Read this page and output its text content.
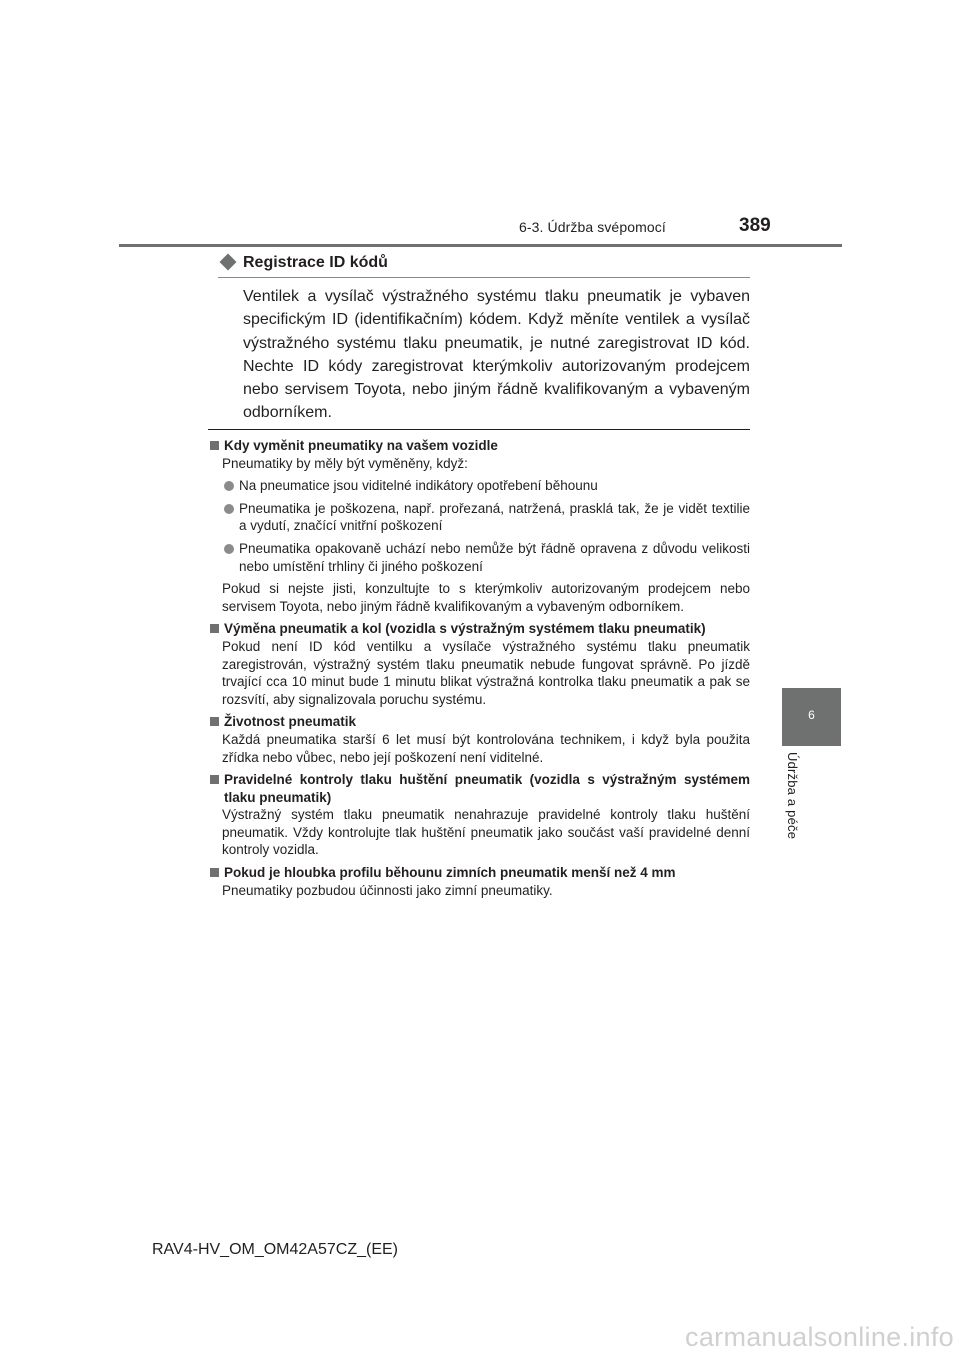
6-3. Údržba svépomocí	389
6
Údržba a péče
Registrace ID kódů
Ventilek a vysílač výstražného systému tlaku pneumatik je vybaven specifickým ID (identifikačním) kódem. Když měníte ventilek a vysílač výstražného systému tlaku pneumatik, je nutné zaregistrovat ID kód. Nechte ID kódy zaregistrovat kterýmkoliv autorizovaným prodejcem nebo servisem Toyota, nebo jiným řádně kvalifikovaným a vybaveným odborníkem.
Kdy vyměnit pneumatiky na vašem vozidle
Pneumatiky by měly být vyměněny, když:
Na pneumatice jsou viditelné indikátory opotřebení běhounu
Pneumatika je poškozena, např. prořezaná, natržená, prasklá tak, že je vidět textilie a vydutí, značící vnitřní poškození
Pneumatika opakovaně uchází nebo nemůže být řádně opravena z důvodu velikosti nebo umístění trhliny či jiného poškození
Pokud si nejste jisti, konzultujte to s kterýmkoliv autorizovaným prodejcem nebo servisem Toyota, nebo jiným řádně kvalifikovaným a vybaveným odborníkem.
Výměna pneumatik a kol (vozidla s výstražným systémem tlaku pneumatik)
Pokud není ID kód ventilku a vysílače výstražného systému tlaku pneumatik zaregistrován, výstražný systém tlaku pneumatik nebude fungovat správně. Po jízdě trvající cca 10 minut bude 1 minutu blikat výstražná kontrolka tlaku pneumatik a pak se rozsvítí, aby signalizovala poruchu systému.
Životnost pneumatik
Každá pneumatika starší 6 let musí být kontrolována technikem, i když byla použita zřídka nebo vůbec, nebo její poškození není viditelné.
Pravidelné kontroly tlaku huštění pneumatik (vozidla s výstražným systémem tlaku pneumatik)
Výstražný systém tlaku pneumatik nenahrazuje pravidelné kontroly tlaku huštění pneumatik. Vždy kontrolujte tlak huštění pneumatik jako součást vaší pravidelné denní kontroly vozidla.
Pokud je hloubka profilu běhounu zimních pneumatik menší než 4 mm
Pneumatiky pozbudou účinnosti jako zimní pneumatiky.
RAV4-HV_OM_OM42A57CZ_(EE)
carmanualsonline.info
